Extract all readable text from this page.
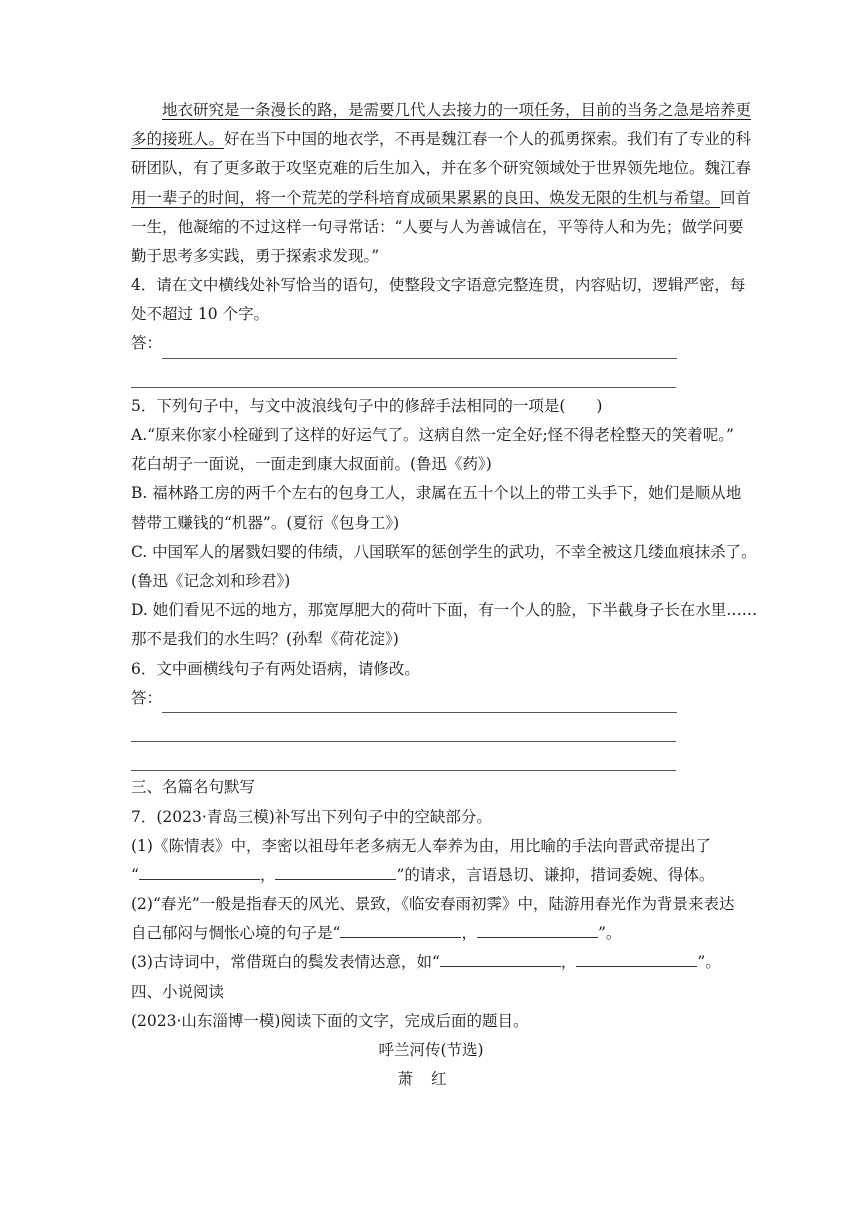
地衣研究是一条漫长的路，是需要几代人去接力的一项任务，目前的当务之急是培养更
多的接班人。好在当下中国的地衣学，不再是魏江春一个人的孤勇探索。我们有了专业的科
研团队，有了更多敢于攻坚克难的后生加入，并在多个研究领域处于世界领先地位。魏江春
用一辈子的时间，将一个荒芜的学科培育成硕果累累的良田、焕发无限的生机与希望。回首
一生，他凝缩的不过这样一句寻常话：“人要与人为善诚信在，平等待人和为先；做学问要
勤于思考多实践，勇于探索求发现。”
4．请在文中横线处补写恰当的语句，使整段文字语意完整连贯，内容贴切，逻辑严密，每
处不超过 10 个字。
答：
5．下列句子中，与文中波浪线句子中的修辞手法相同的一项是(　　)
A.“原来你家小栓碰到了这样的好运气了。这病自然一定全好;怪不得老栓整天的笑着呢。”
花白胡子一面说，一面走到康大叔面前。(鲁迅《药》)
B. 福林路工房的两千个左右的包身工人，隶属在五十个以上的带工头手下，她们是顺从地
替带工赚钱的“机器”。(夏衍《包身工》)
C. 中国军人的屠戮妇婴的伟绩，八国联军的惩创学生的武功，不幸全被这几缕血痕抹杀了。
(鲁迅《记念刘和珍君》)
D. 她们看见不远的地方，那宽厚肥大的荷叶下面，有一个人的脸，下半截身子长在水里……
那不是我们的水生吗？(孙犁《荷花淀》)
6．文中画横线句子有两处语病，请修改。
答：
三、名篇名句默写
7．(2023·青岛三模)补写出下列句子中的空缺部分。
(1)《陈情表》中，李密以祖母年老多病无人奉养为由，用比喻的手法向晋武帝提出了
“	，	”的请求，言语恳切、谦抑，措词委婉、得体。
(2)“春光”一般是指春天的风光、景致，《临安春雨初霁》中，陆游用春光作为背景来表达
自己郁闷与惆怅心境的句子是“	，	”。
(3)古诗词中，常借斑白的鬓发表情达意，如“	，	”。
四、小说阅读
(2023·山东淄博一模)阅读下面的文字，完成后面的题目。
呼兰河传(节选)
萧红
